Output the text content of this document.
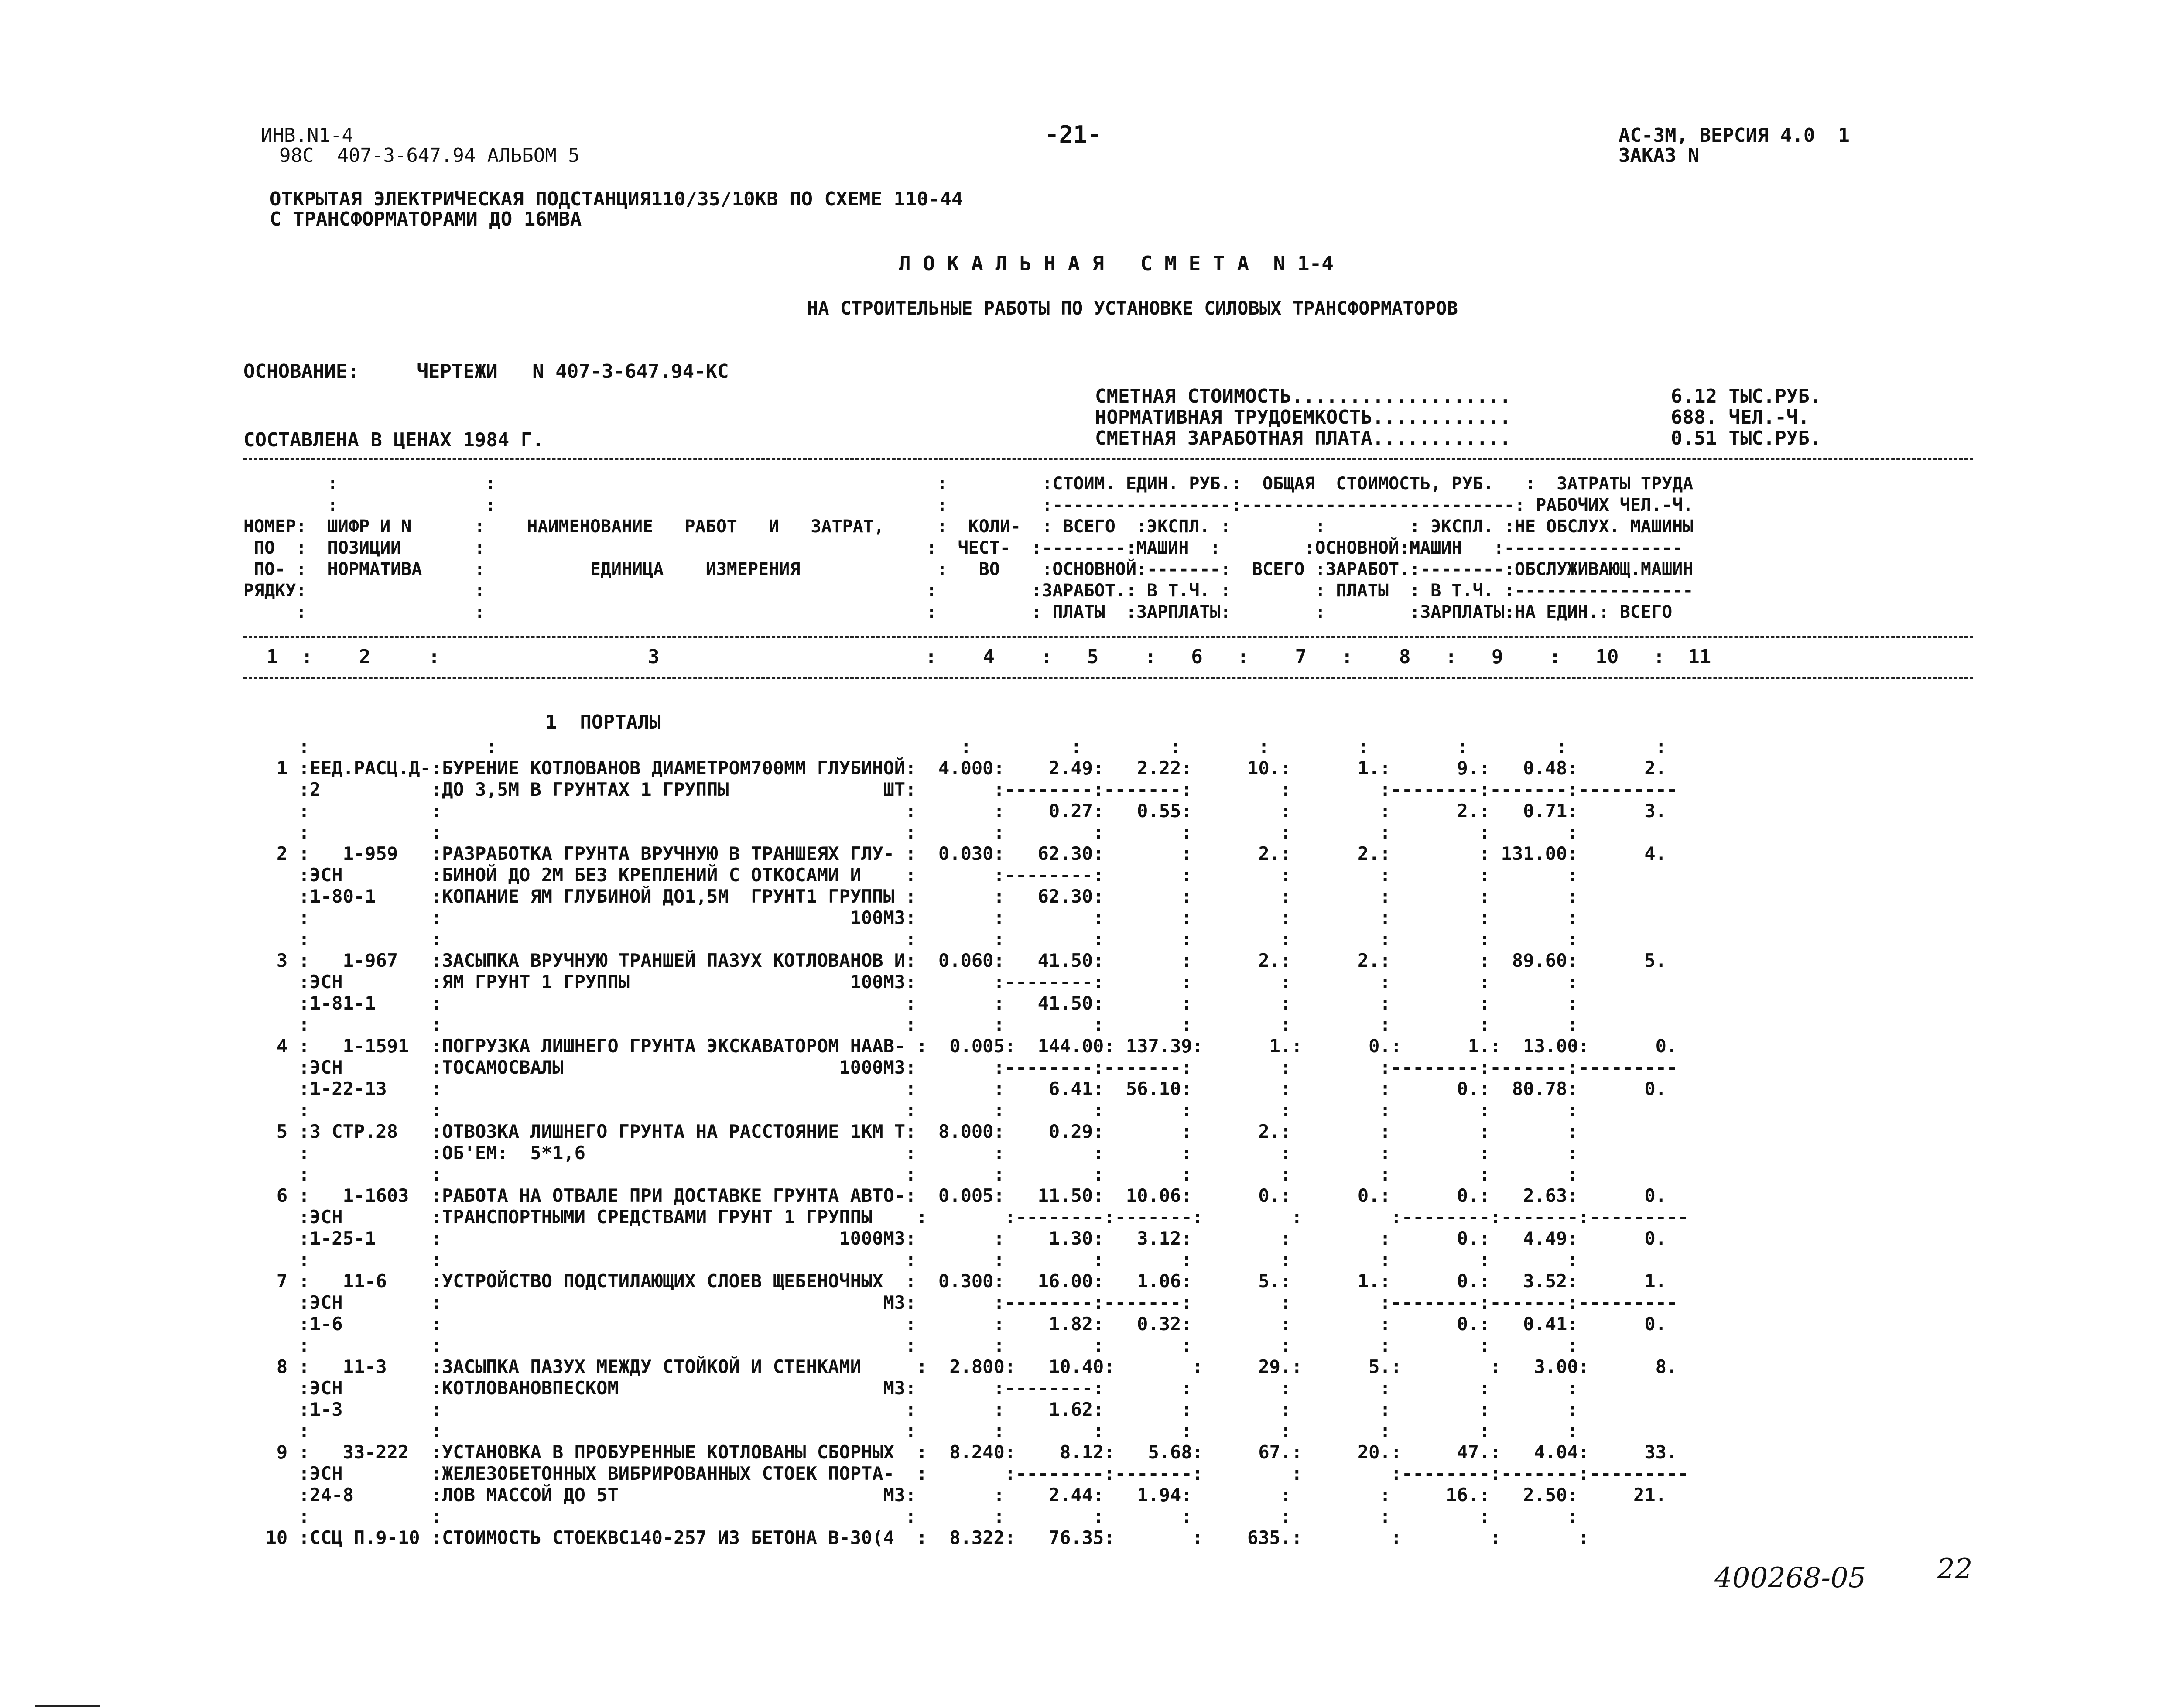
ИНВ.N1-4
98С  407-3-647.94 АЛЬБОМ 5
-21-	АС-3М, ВЕРСИЯ 4.0  1
ЗАКАЗ N
ОТКРЫТАЯ ЭЛЕКТРИЧЕСКАЯ ПОДСТАНЦИЯ110/35/10КВ ПО СХЕМЕ 110-44
С ТРАНСФОРМАТОРАМИ ДО 16МВА
Л О К А Л Ь Н А Я   С М Е Т А  N 1-4
НА СТРОИТЕЛЬНЫЕ РАБОТЫ ПО УСТАНОВКЕ СИЛОВЫХ ТРАНСФОРМАТОРОВ
ОСНОВАНИЕ:     ЧЕРТЕЖИ   N 407-3-647.94-КС
СОСТАВЛЕНА В ЦЕНАХ 1984 Г.
СМЕТНАЯ СТОИМОСТЬ...................
НОРМАТИВНАЯ ТРУДОЕМКОСТЬ............
СМЕТНАЯ ЗАРАБОТНАЯ ПЛАТА............
6.12 ТЫС.РУБ.
688. ЧЕЛ.-Ч.
0.51 ТЫС.РУБ.
:              :                                          :         :СТОИМ. ЕДИН. РУБ.:  ОБЩАЯ  СТОИМОСТЬ, РУБ.   :  ЗАТРАТЫ ТРУДА
:              :                                          :         :-----------------:--------------------------: РАБОЧИХ ЧЕЛ.-Ч.
НОМЕР:  ШИФР И N      :    НАИМЕНОВАНИЕ   РАБОТ   И   ЗАТРАТ,     :  КОЛИ-  : ВСЕГО  :ЭКСПЛ. :        :        : ЭКСПЛ. :НЕ ОБСЛУХ. МАШИНЫ
ПО  :  ПОЗИЦИИ       :                                          :  ЧЕСТ-  :--------:МАШИН  :        :ОСНОВНОЙ:МАШИН   :-----------------
ПО- :  НОРМАТИВА     :          ЕДИНИЦА    ИЗМЕРЕНИЯ             :   ВО    :ОСНОВНОЙ:-------:  ВСЕГО :ЗАРАБОТ.:--------:ОБСЛУЖИВАЮЩ.МАШИН
РЯДКУ:                :                                          :         :ЗАРАБОТ.: В Т.Ч. :        : ПЛАТЫ  : В Т.Ч. :-----------------
:                :                                          :         : ПЛАТЫ  :ЗАРПЛАТЫ:        :        :ЗАРПЛАТЫ:НА ЕДИН.: ВСЕГО
1  :    2     :                  3                       :    4    :   5    :   6   :    7   :    8   :   9    :   10   :  11
1  ПОРТАЛЫ
:                :                                          :         :        :       :        :        :        :        :
1 :ЕЕД.РАСЦ.Д-:БУРЕНИЕ КОТЛОВАНОВ ДИАМЕТРОМ700ММ ГЛУБИНОЙ:  4.000:    2.49:   2.22:     10.:      1.:      9.:   0.48:      2.
:2          :ДО 3,5М В ГРУНТАХ 1 ГРУППЫ              ШТ:       :--------:-------:        :        :--------:-------:---------
:           :                                          :       :    0.27:   0.55:        :        :      2.:   0.71:      3.
:           :                                          :       :        :       :        :        :        :       :
2 :   1-959   :РАЗРАБОТКА ГРУНТА ВРУЧНУЮ В ТРАНШЕЯХ ГЛУ- :  0.030:   62.30:       :      2.:      2.:        : 131.00:      4.
:ЭСН        :БИНОЙ ДО 2М БЕЗ КРЕПЛЕНИЙ С ОТКОСАМИ И    :       :--------:       :        :        :        :       :
:1-80-1     :КОПАНИЕ ЯМ ГЛУБИНОЙ ДО1,5М  ГРУНТ1 ГРУППЫ :       :   62.30:       :        :        :        :       :
:           :                                     100М3:       :        :       :        :        :        :       :
:           :                                          :       :        :       :        :        :        :       :
3 :   1-967   :ЗАСЫПКА ВРУЧНУЮ ТРАНШЕЙ ПАЗУХ КОТЛОВАНОВ И:  0.060:   41.50:       :      2.:      2.:        :  89.60:      5.
:ЭСН        :ЯМ ГРУНТ 1 ГРУППЫ                    100М3:       :--------:       :        :        :        :       :
:1-81-1     :                                          :       :   41.50:       :        :        :        :       :
:           :                                          :       :        :       :        :        :        :       :
4 :   1-1591  :ПОГРУЗКА ЛИШНЕГО ГРУНТА ЭКСКАВАТОРОМ НААВ- :  0.005:  144.00: 137.39:      1.:      0.:      1.:  13.00:      0.
:ЭСН        :ТОСАМОСВАЛЫ                         1000М3:       :--------:-------:        :        :--------:-------:---------
:1-22-13    :                                          :       :    6.41:  56.10:        :        :      0.:  80.78:      0.
:           :                                          :       :        :       :        :        :        :       :
5 :3 СТР.28   :ОТВОЗКА ЛИШНЕГО ГРУНТА НА РАССТОЯНИЕ 1КМ Т:  8.000:    0.29:       :      2.:        :        :       :
:           :ОБ'ЕМ:  5*1,6                             :       :        :       :        :        :        :       :
:           :                                          :       :        :       :        :        :        :       :
6 :   1-1603  :РАБОТА НА ОТВАЛЕ ПРИ ДОСТАВКЕ ГРУНТА АВТО-:  0.005:   11.50:  10.06:      0.:      0.:      0.:   2.63:      0.
:ЭСН        :ТРАНСПОРТНЫМИ СРЕДСТВАМИ ГРУНТ 1 ГРУППЫ    :       :--------:-------:        :        :--------:-------:---------
:1-25-1     :                                    1000М3:       :    1.30:   3.12:        :        :      0.:   4.49:      0.
:           :                                          :       :        :       :        :        :        :       :
7 :   11-6    :УСТРОЙСТВО ПОДСТИЛАЮЩИХ СЛОЕВ ЩЕБЕНОЧНЫХ  :  0.300:   16.00:   1.06:      5.:      1.:      0.:   3.52:      1.
:ЭСН        :                                        М3:       :--------:-------:        :        :--------:-------:---------
:1-6        :                                          :       :    1.82:   0.32:        :        :      0.:   0.41:      0.
:           :                                          :       :        :       :        :        :        :       :
8 :   11-3    :ЗАСЫПКА ПАЗУХ МЕЖДУ СТОЙКОЙ И СТЕНКАМИ     :  2.800:   10.40:       :     29.:      5.:        :   3.00:      8.
:ЭСН        :КОТЛОВАНОВПЕСКОМ                        М3:       :--------:       :        :        :        :       :
:1-3        :                                          :       :    1.62:       :        :        :        :       :
:           :                                          :       :        :       :        :        :        :       :
9 :   33-222  :УСТАНОВКА В ПРОБУРЕННЫЕ КОТЛОВАНЫ СБОРНЫХ  :  8.240:    8.12:   5.68:     67.:     20.:     47.:   4.04:     33.
:ЭСН        :ЖЕЛЕЗОБЕТОННЫХ ВИБРИРОВАННЫХ СТОЕК ПОРТА-  :       :--------:-------:        :        :--------:-------:---------
:24-8       :ЛОВ МАССОЙ ДО 5Т                        М3:       :    2.44:   1.94:        :        :     16.:   2.50:     21.
:           :                                          :       :        :       :        :        :        :       :
10 :ССЦ П.9-10 :СТОИМОСТЬ СТОЕКВС140-257 ИЗ БЕТОНА В-30(4  :  8.322:   76.35:       :    635.:        :        :       :
400268-05	22
